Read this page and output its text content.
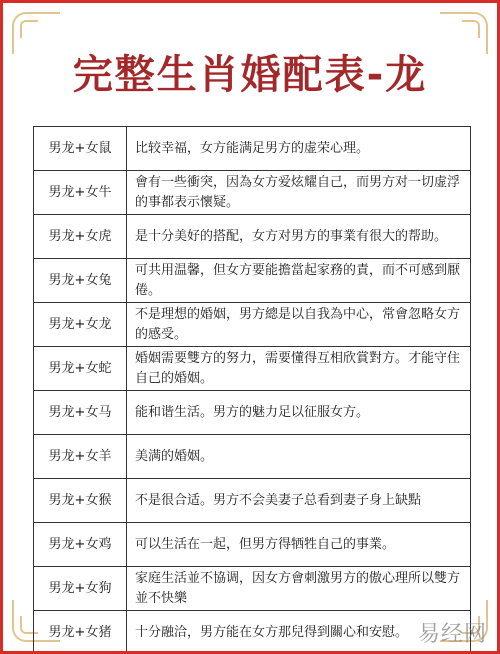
完整生肖婚配表-龙
男龙+女鼠	比较幸福，女方能满足男方的虚荣心理。
男龙+女牛	會有一些衝突，因為女方爱炫耀自己，而男方对一切虚浮的事都表示懷疑。
男龙+女虎	是十分美好的搭配，女方对男方的事業有很大的帮助。
男龙+女兔	可共用温馨，但女方要能擔當起家務的責，而不可感到厭倦。
男龙+女龙	不是理想的婚姻，男方總是以自我為中心，常會忽略女方的感受。
男龙+女蛇	婚姻需要雙方的努力，需要懂得互相欣賞對方。才能守住自己的婚姻。
男龙+女马	能和谐生活。男方的魅力足以征服女方。
男龙+女羊	美满的婚姻。
男龙+女猴	不是很合适。男方不会美妻子总看到妻子身上缺點
男龙+女鸡	可以生活在一起，但男方得牺牲自己的事業。
男龙+女狗	家庭生活並不協调，因女方會刺激男方的傲心理所以雙方並不快樂
男龙+女猪	十分融洽，男方能在女方那兒得到關心和安慰。 易经网
